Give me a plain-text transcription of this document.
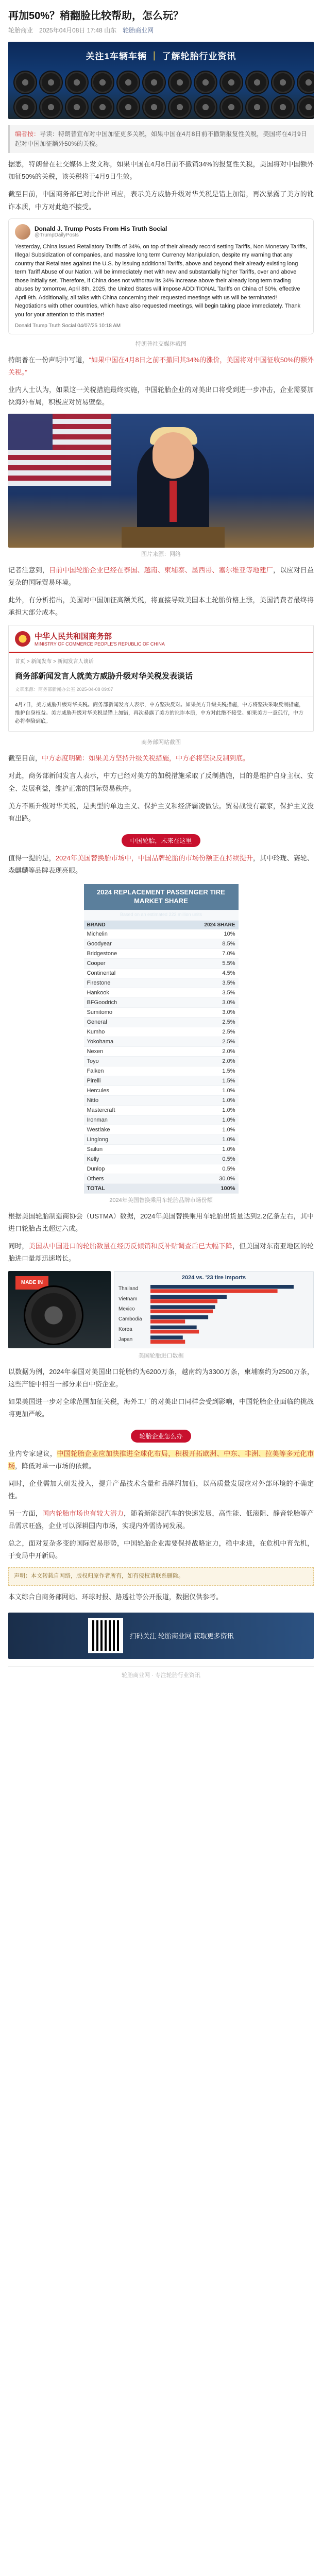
再加50%？稍翻脸比较帮助，怎么玩？
轮胎商业 2025年04月08日 17:48 山东 轮胎商业网
关注1车辆车辆 ｜ 了解轮胎行业资讯
编者按：导读：特朗普宣布对中国加征更多关税，如果中国在4月8日前不撤销报复性关税，美国将在4月9日起对中国加征额外50%的关税。

据悉，特朗普在社交媒体上发文称，如果中国在4月8日前不撤销34%的报复性关税，美国将对中国额外加征50%的关税，该关税将于4月9日生效。

截至目前，中国商务部已对此作出回应，表示美方威胁升级对华关税是错上加错，再次暴露了美方的讹诈本质，中方对此绝不接受。

Donald J. Trump Posts From His Truth Social
@TrumpDailyPosts
Yesterday, China issued Retaliatory Tariffs of 34%, on top of their already record setting Tariffs, Non Monetary Tariffs, Illegal Subsidization of companies, and massive long term Currency Manipulation, despite my warning that any country that Retaliates against the U.S. by issuing additional Tariffs, above and beyond their already existing long term Tariff Abuse of our Nation, will be immediately met with new and substantially higher Tariffs, over and above those initially set. Therefore, if China does not withdraw its 34% increase above their already long term trading abuses by tomorrow, April 8th, 2025, the United States will impose ADDITIONAL Tariffs on China of 50%, effective April 9th. Additionally, all talks with China concerning their requested meetings with us will be terminated! Negotiations with other countries, which have also requested meetings, will begin taking place immediately. Thank you for your attention to this matter!
Donald Trump Truth Social 04/07/25 10:18 AM
特朗普社交媒体截图

特朗普在一份声明中写道，“如果中国在4月8日之前不撤回其34%的涨价，美国将对中国征收50%的额外关税。”

业内人士认为，如果这一关税措施最终实施，中国轮胎企业的对美出口将受到进一步冲击，企业需要加快海外布局，积极应对贸易壁垒。

图片来源：网络

记者注意到，目前中国轮胎企业已经在泰国、越南、柬埔寨、墨西哥、塞尔维亚等地建厂，以应对日益复杂的国际贸易环境。

此外，有分析指出，美国对中国加征高额关税，将直接导致美国本土轮胎价格上涨，美国消费者最终将承担大部分成本。

中华人民共和国商务部
MINISTRY OF COMMERCE PEOPLE'S REPUBLIC OF CHINA
首页 > 新闻发布 > 新闻发言人谈话
商务部新闻发言人就美方威胁升级对华关税发表谈话
文章来源：商务部新闻办公室 2025-04-08 09:07
4月7日，美方威胁升级对华关税。商务部新闻发言人表示，中方坚决反对。如果美方升级关税措施，中方将坚决采取反制措施，维护自身权益。美方威胁升级对华关税是错上加错，再次暴露了美方的讹诈本质，中方对此绝不接受。如果美方一意孤行，中方必将奉陪到底。
商务部网站截图

截至目前，中方态度明确：如果美方坚持升级关税措施，中方必将坚决反制到底。

对此，商务部新闻发言人表示，中方已经对美方的加税措施采取了反制措施，目的是维护自身主权、安全、发展利益，维护正常的国际贸易秩序。

美方不断升级对华关税，是典型的单边主义、保护主义和经济霸凌做法。贸易战没有赢家，保护主义没有出路。

中国轮胎，未来在这里

值得一提的是，2024年美国替换胎市场中，中国品牌轮胎的市场份额正在持续提升，其中玲珑、赛轮、森麒麟等品牌表现亮眼。

2024 REPLACEMENT PASSENGER TIRE MARKET SHARE	
Based on an estimated 222 million units	
BRAND	2024 SHARE
Michelin	10%
Goodyear	8.5%
Bridgestone	7.0%
Cooper	5.5%
Continental	4.5%
Firestone	3.5%
Hankook	3.5%
BFGoodrich	3.0%
Sumitomo	3.0%
General	2.5%
Kumho	2.5%
Yokohama	2.5%
Nexen	2.0%
Toyo	2.0%
Falken	1.5%
Pirelli	1.5%
Hercules	1.0%
Nitto	1.0%
Mastercraft	1.0%
Ironman	1.0%
Westlake	1.0%
Linglong	1.0%
Sailun	1.0%
Kelly	0.5%
Dunlop	0.5%
Others	30.0%
TOTAL	100%
2024年美国替换乘用车轮胎品牌市场份额

根据美国轮胎制造商协会（USTMA）数据，2024年美国替换乘用车轮胎出货量达到2.2亿条左右，其中进口轮胎占比超过六成。

同时，美国从中国进口的轮胎数量在经历反倾销和反补贴调查后已大幅下降，但美国对东南亚地区的轮胎进口量却迅速增长。

MADE IN
2024 vs. '23 tire imports
Thailand
Vietnam
Mexico
Cambodia
Korea
Japan
美国轮胎进口数据

以数据为例，2024年泰国对美国出口轮胎约为6200万条，越南约为3300万条，柬埔寨约为2500万条，这些产能中相当一部分来自中资企业。

如果美国进一步对全球范围加征关税，海外工厂的对美出口同样会受到影响，中国轮胎企业面临的挑战将更加严峻。

轮胎企业怎么办

业内专家建议，中国轮胎企业应加快推进全球化布局，积极开拓欧洲、中东、非洲、拉美等多元化市场，降低对单一市场的依赖。

同时，企业需加大研发投入，提升产品技术含量和品牌附加值，以高质量发展应对外部环境的不确定性。

另一方面，国内轮胎市场也有较大潜力，随着新能源汽车的快速发展，高性能、低滚阻、静音轮胎等产品需求旺盛，企业可以深耕国内市场，实现内外需协同发展。

总之，面对复杂多变的国际贸易形势，中国轮胎企业需要保持战略定力，稳中求进，在危机中育先机，于变局中开新局。

声明：本文转载自网络，版权归原作者所有，如有侵权请联系删除。

本文综合自商务部网站、环球时报、路透社等公开报道，数据仅供参考。

扫码关注 轮胎商业网 获取更多资讯
轮胎商业网 · 专注轮胎行业资讯
